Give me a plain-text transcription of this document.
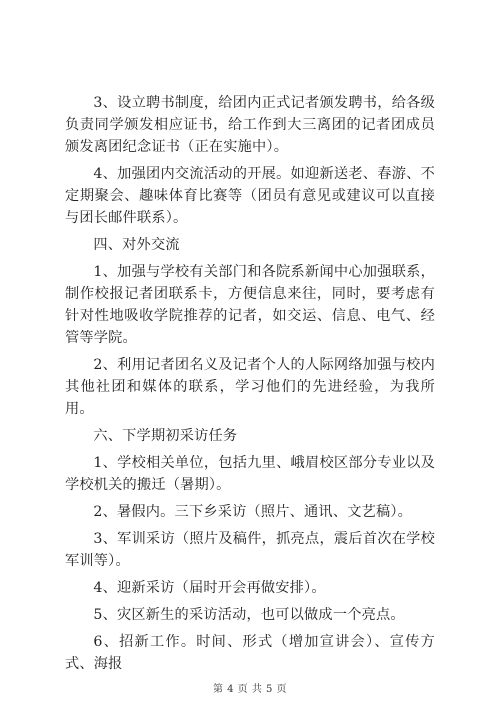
3、设立聘书制度，给团内正式记者颁发聘书，给各级负责同学颁发相应证书，给工作到大三离团的记者团成员颁发离团纪念证书（正在实施中）。

4、加强团内交流活动的开展。如迎新送老、春游、不定期聚会、趣味体育比赛等（团员有意见或建议可以直接与团长邮件联系）。

四、对外交流

1、加强与学校有关部门和各院系新闻中心加强联系，制作校报记者团联系卡，方便信息来往，同时，要考虑有针对性地吸收学院推荐的记者，如交运、信息、电气、经管等学院。

2、利用记者团名义及记者个人的人际网络加强与校内其他社团和媒体的联系，学习他们的先进经验，为我所用。

六、下学期初采访任务

1、学校相关单位，包括九里、峨眉校区部分专业以及学校机关的搬迁（暑期）。

2、暑假内。三下乡采访（照片、通讯、文艺稿）。

3、军训采访（照片及稿件，抓亮点，震后首次在学校军训等）。

4、迎新采访（届时开会再做安排）。

5、灾区新生的采访活动，也可以做成一个亮点。

6、招新工作。时间、形式（增加宣讲会）、宣传方式、海报

第 4 页 共 5 页
